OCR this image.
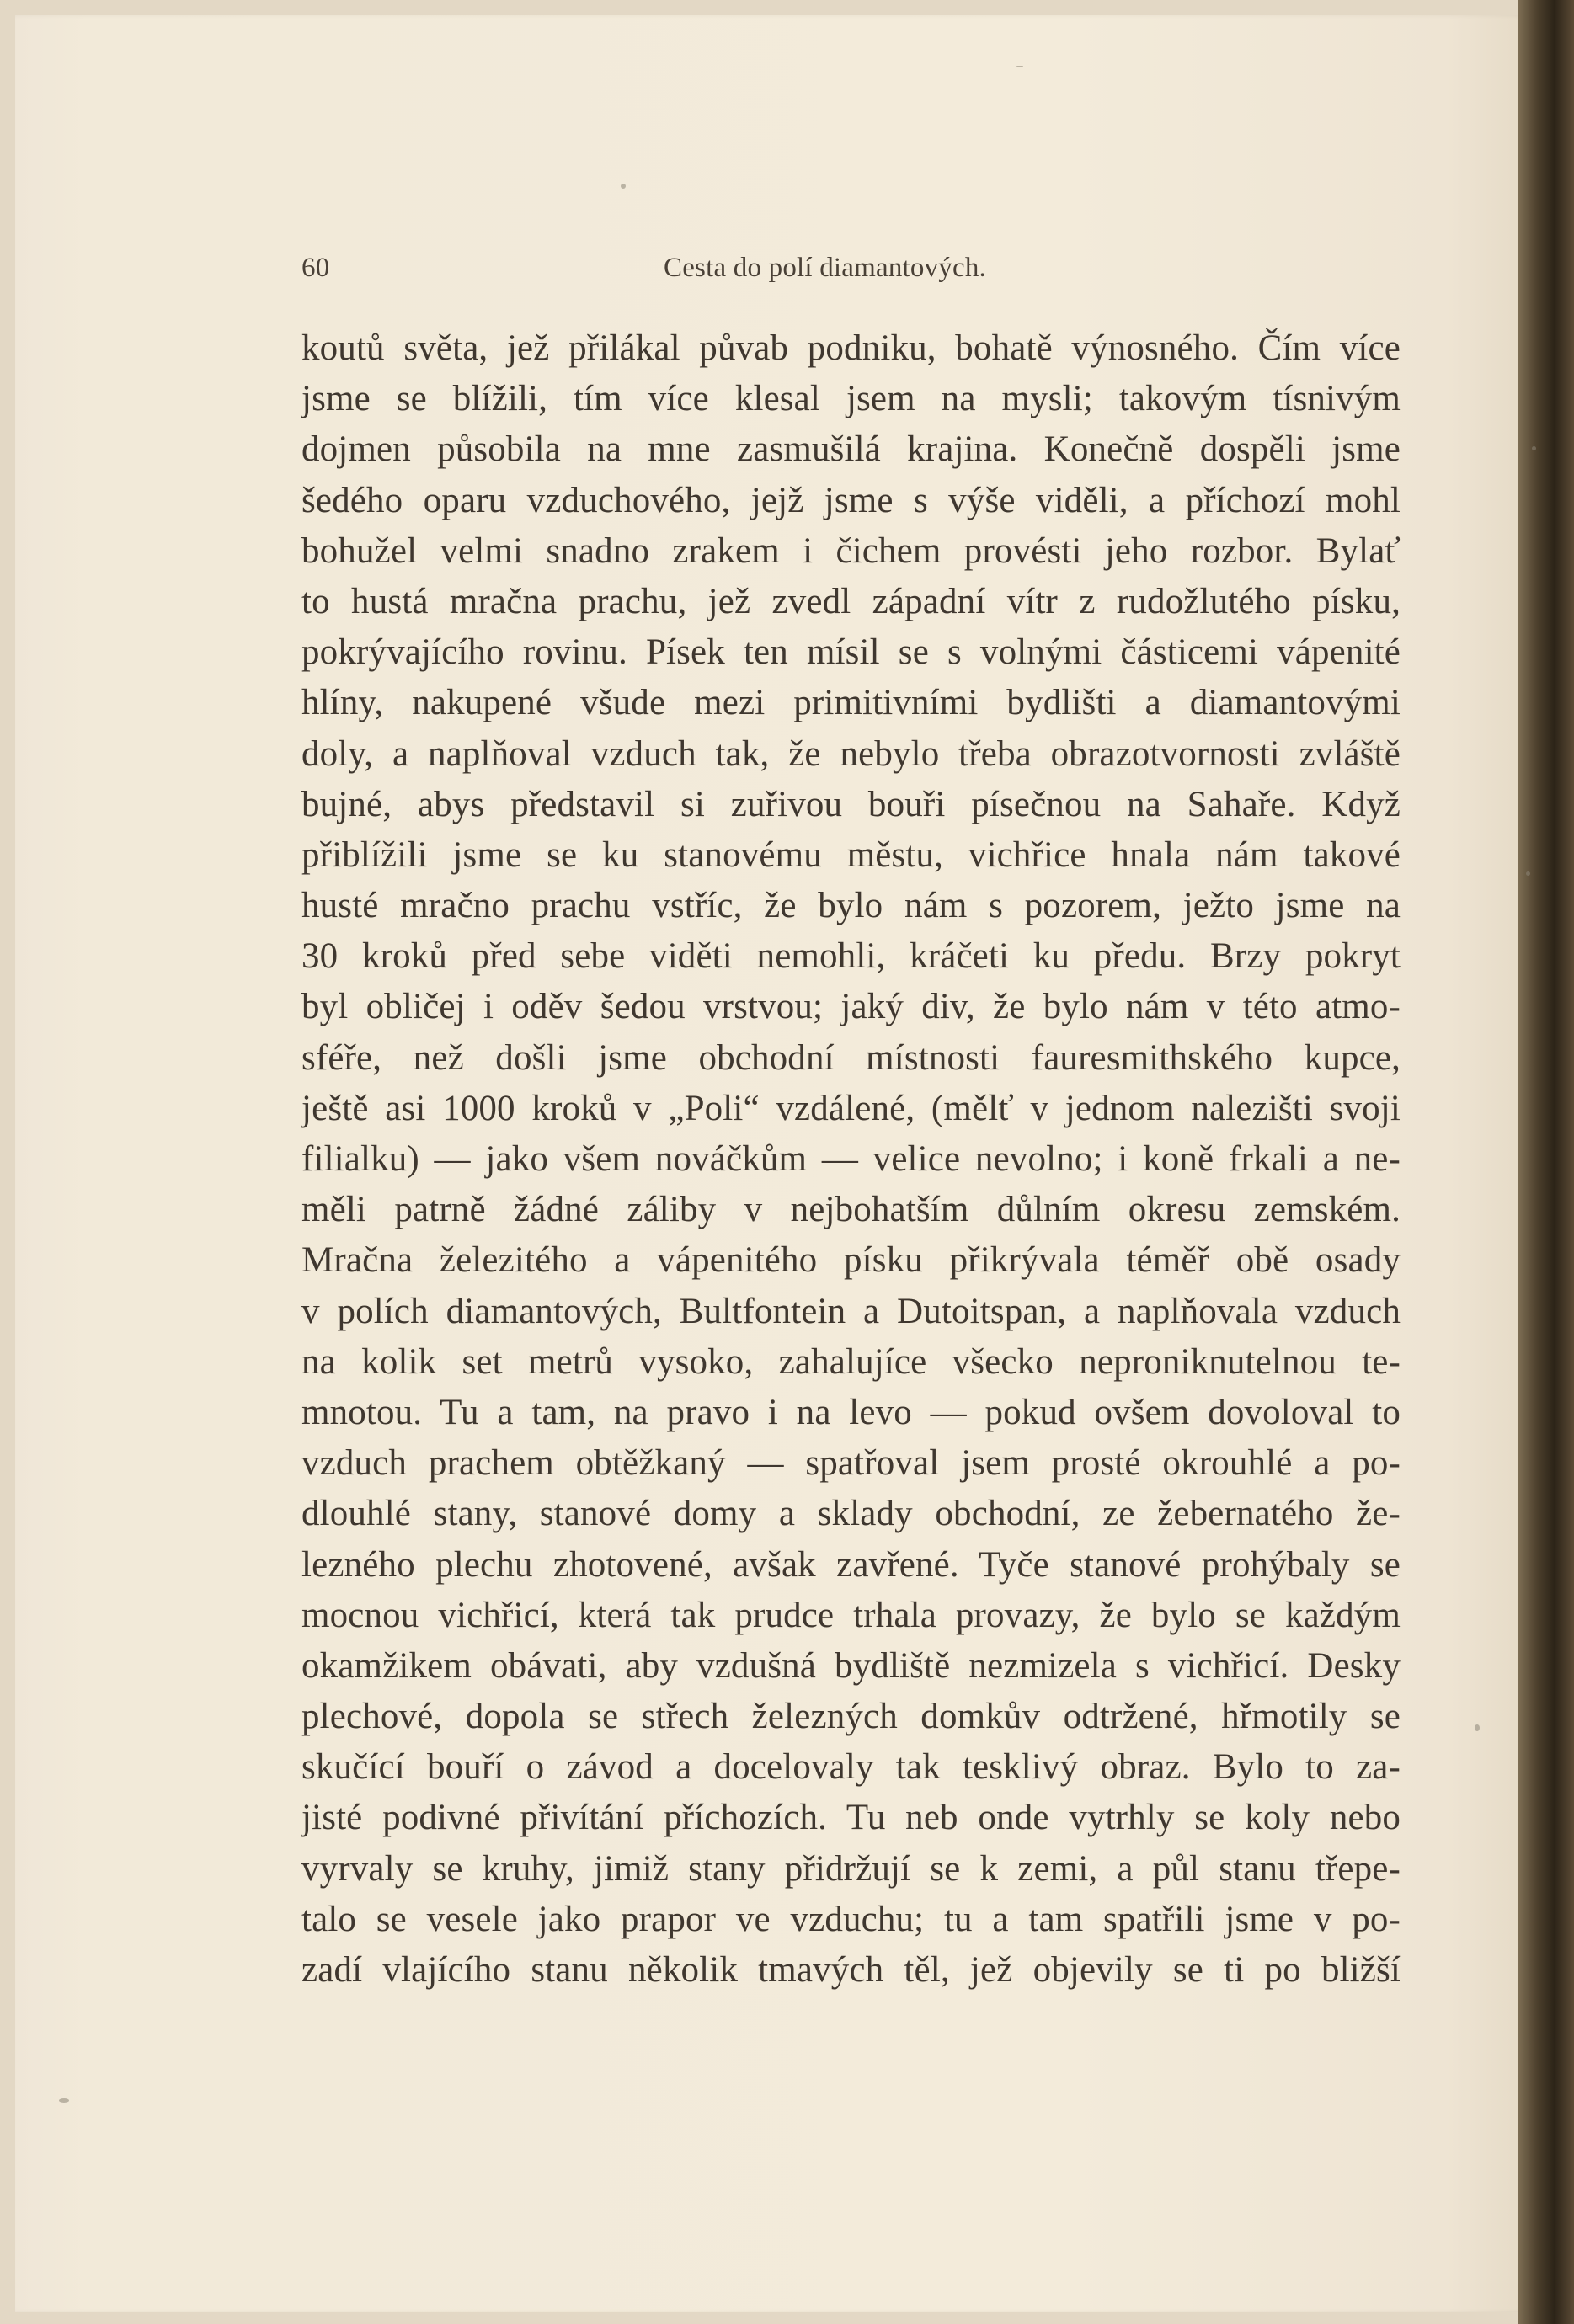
60	Cesta do polí diamantových.
koutů světa, jež přilákal půvab podniku, bohatě výnosného. Čím více
jsme se blížili, tím více klesal jsem na mysli; takovým tísnivým
dojmen působila na mne zasmušilá krajina. Konečně dospěli jsme
šedého oparu vzduchového, jejž jsme s výše viděli, a příchozí mohl
bohužel velmi snadno zrakem i čichem provésti jeho rozbor. Bylať
to hustá mračna prachu, jež zvedl západní vítr z rudožlutého písku,
pokrývajícího rovinu. Písek ten mísil se s volnými částicemi vápenité
hlíny, nakupené všude mezi primitivními bydlišti a diamantovými
doly, a naplňoval vzduch tak, že nebylo třeba obrazotvornosti zvláště
bujné, abys představil si zuřivou bouři písečnou na Sahaře. Když
přiblížili jsme se ku stanovému městu, vichřice hnala nám takové
husté mračno prachu vstříc, že bylo nám s pozorem, ježto jsme na
30 kroků před sebe viděti nemohli, kráčeti ku předu. Brzy pokryt
byl obličej i oděv šedou vrstvou; jaký div, že bylo nám v této atmo-
sféře, než došli jsme obchodní místnosti fauresmithského kupce,
ještě asi 1000 kroků v „Poli“ vzdálené, (mělť v jednom nalezišti svoji
filialku) — jako všem nováčkům — velice nevolno; i koně frkali a ne-
měli patrně žádné záliby v nejbohatším důlním okresu zemském.
Mračna železitého a vápenitého písku přikrývala téměř obě osady
v polích diamantových, Bultfontein a Dutoitspan, a naplňovala vzduch
na kolik set metrů vysoko, zahalujíce všecko neproniknutelnou te-
mnotou. Tu a tam, na pravo i na levo — pokud ovšem dovoloval to
vzduch prachem obtěžkaný — spatřoval jsem prosté okrouhlé a po-
dlouhlé stany, stanové domy a sklady obchodní, ze žebernatého že-
lezného plechu zhotovené, avšak zavřené. Tyče stanové prohýbaly se
mocnou vichřicí, která tak prudce trhala provazy, že bylo se každým
okamžikem obávati, aby vzdušná bydliště nezmizela s vichřicí. Desky
plechové, dopola se střech železných domkův odtržené, hřmotily se
skučící bouří o závod a docelovaly tak tesklivý obraz. Bylo to za-
jisté podivné přivítání příchozích. Tu neb onde vytrhly se koly nebo
vyrvaly se kruhy, jimiž stany přidržují se k zemi, a půl stanu třepe-
talo se vesele jako prapor ve vzduchu; tu a tam spatřili jsme v po-
zadí vlajícího stanu několik tmavých těl, jež objevily se ti po bližší
